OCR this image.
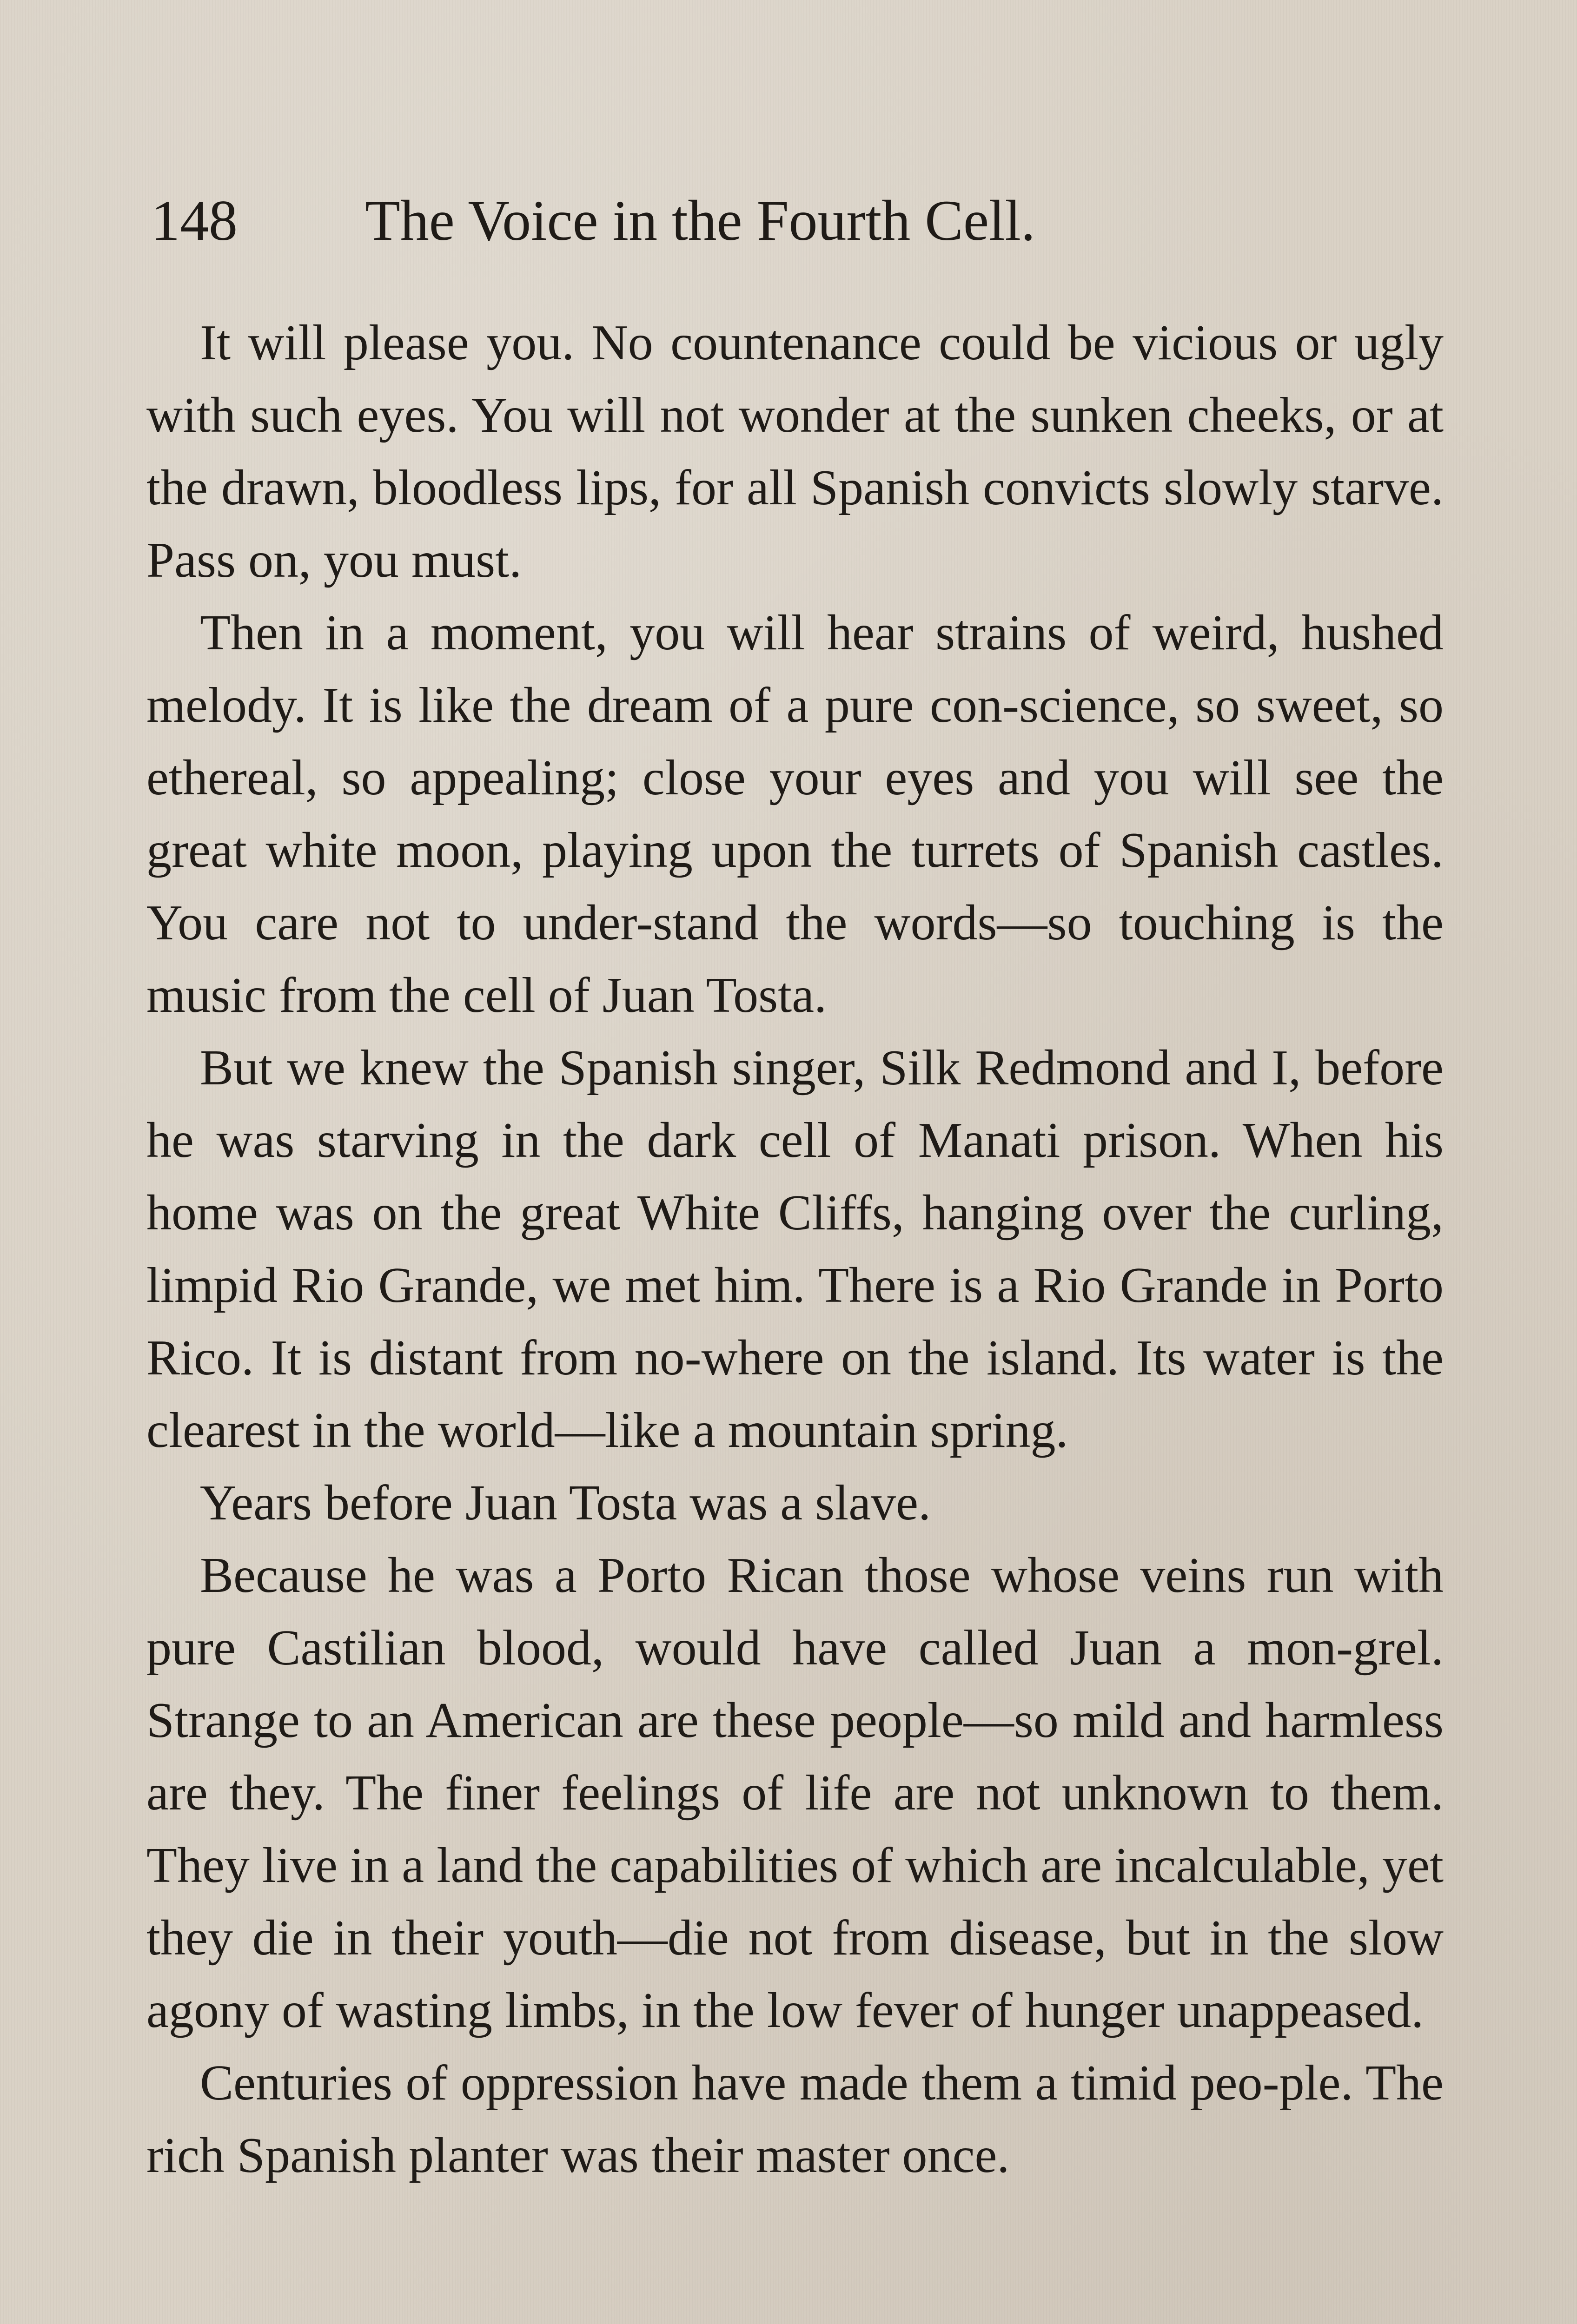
148 The Voice in the Fourth Cell.

It will please you. No countenance could be vicious or ugly with such eyes. You will not wonder at the sunken cheeks, or at the drawn, bloodless lips, for all Spanish convicts slowly starve. Pass on, you must.

Then in a moment, you will hear strains of weird, hushed melody. It is like the dream of a pure con-science, so sweet, so ethereal, so appealing; close your eyes and you will see the great white moon, playing upon the turrets of Spanish castles. You care not to under-stand the words—so touching is the music from the cell of Juan Tosta.

But we knew the Spanish singer, Silk Redmond and I, before he was starving in the dark cell of Manati prison. When his home was on the great White Cliffs, hanging over the curling, limpid Rio Grande, we met him. There is a Rio Grande in Porto Rico. It is distant from no-where on the island. Its water is the clearest in the world—like a mountain spring.

Years before Juan Tosta was a slave.

Because he was a Porto Rican those whose veins run with pure Castilian blood, would have called Juan a mon-grel. Strange to an American are these people—so mild and harmless are they. The finer feelings of life are not unknown to them. They live in a land the capabilities of which are incalculable, yet they die in their youth—die not from disease, but in the slow agony of wasting limbs, in the low fever of hunger unappeased.

Centuries of oppression have made them a timid peo-ple. The rich Spanish planter was their master once.
